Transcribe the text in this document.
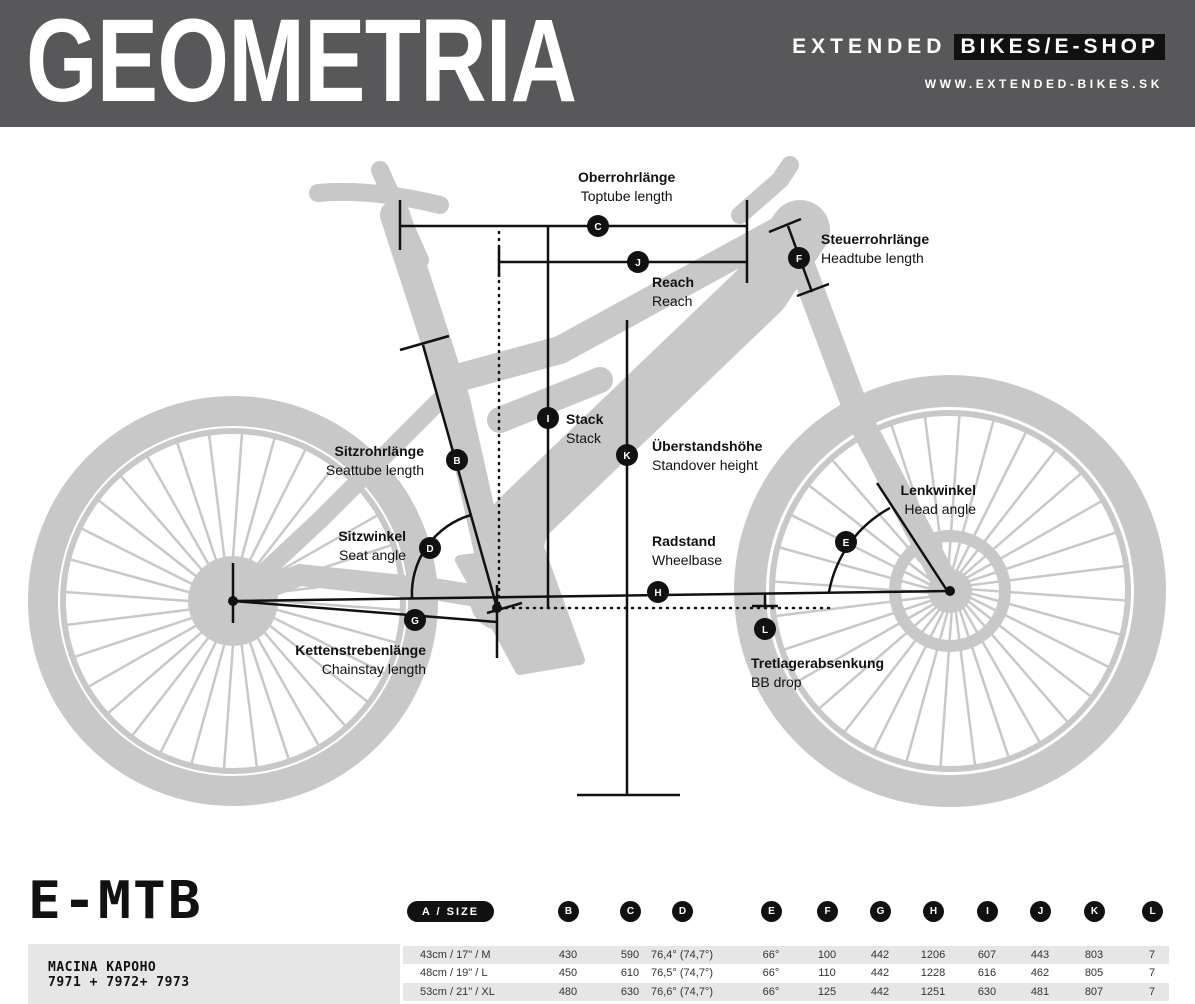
GEOMETRIA	EXTENDED BIKES/E-SHOP
WWW.EXTENDED-BIKES.SK
C
J	F
I
K
B
D
E
H
G
L
Oberrohrlänge
Toptube length
Steuerrohrlänge
Headtube length
Reach
Reach
Stack
Stack	Überstandshöhe
Standover height
Sitzrohrlänge
Seattube length
Sitzwinkel
Seat angle
Lenkwinkel
Head angle
Radstand
Wheelbase
Kettenstrebenlänge
Chainstay length	Tretlagerabsenkung
BB drop
E-MTB	A / SIZE	B	C	D	E	F	G	H	I	J	K	L
MACINA KAPOHO
7971 + 7972+ 7973
43cm / 17" / M	430	590	76,4° (74,7°)	66°	100	442	1206	607	443	803	7
48cm / 19" / L	450	610	76,5° (74,7°)	66°	110	442	1228	616	462	805	7
53cm / 21" / XL	480	630	76,6° (74,7°)	66°	125	442	1251	630	481	807	7
